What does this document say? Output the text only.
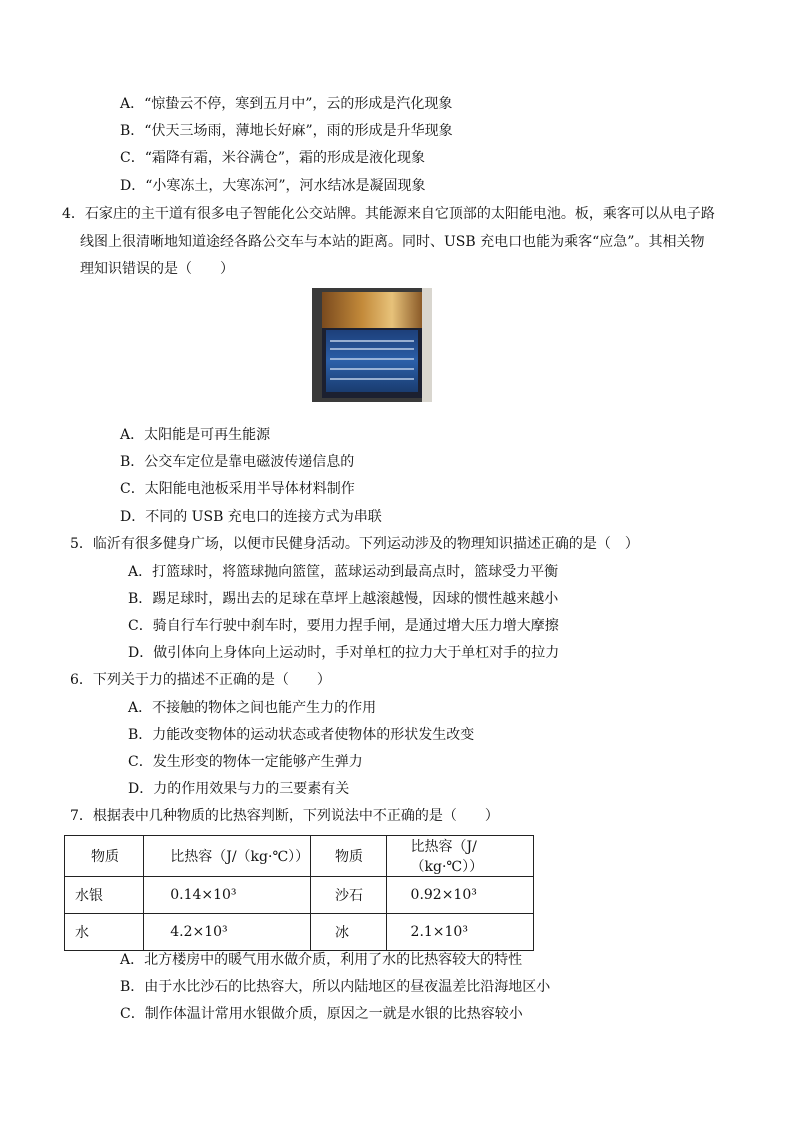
A．“惊蛰云不停，寒到五月中”，云的形成是汽化现象
B．“伏天三场雨，薄地长好麻”，雨的形成是升华现象
C．“霜降有霜，米谷满仓”，霜的形成是液化现象
D．“小寒冻土，大寒冻河”，河水结冰是凝固现象
4．石家庄的主干道有很多电子智能化公交站牌。其能源来自它顶部的太阳能电池。板，乘客可以从电子路
线图上很清晰地知道途经各路公交车与本站的距离。同时、USB 充电口也能为乘客“应急”。其相关物
理知识错误的是（　　）
A．太阳能是可再生能源
B．公交车定位是靠电磁波传递信息的
C．太阳能电池板采用半导体材料制作
D．不同的 USB 充电口的连接方式为串联
5．临沂有很多健身广场，以便市民健身活动。下列运动涉及的物理知识描述正确的是（　）
A．打篮球时，将篮球抛向篮筐，蓝球运动到最高点时，篮球受力平衡
B．踢足球时，踢出去的足球在草坪上越滚越慢，因球的惯性越来越小
C．骑自行车行驶中刹车时，要用力捏手闸，是通过增大压力增大摩擦
D．做引体向上身体向上运动时，手对单杠的拉力大于单杠对手的拉力
6．下列关于力的描述不正确的是（　　）
A．不接触的物体之间也能产生力的作用
B．力能改变物体的运动状态或者使物体的形状发生改变
C．发生形变的物体一定能够产生弹力
D．力的作用效果与力的三要素有关
7．根据表中几种物质的比热容判断，下列说法中不正确的是（　　）
物质	比热容（J/（kg·℃））	物质	比热容（J/（kg·℃））
水银	0.14×10³	沙石	0.92×10³
水	4.2×10³	冰	2.1×10³
A．北方楼房中的暖气用水做介质，利用了水的比热容较大的特性
B．由于水比沙石的比热容大，所以内陆地区的昼夜温差比沿海地区小
C．制作体温计常用水银做介质，原因之一就是水银的比热容较小
